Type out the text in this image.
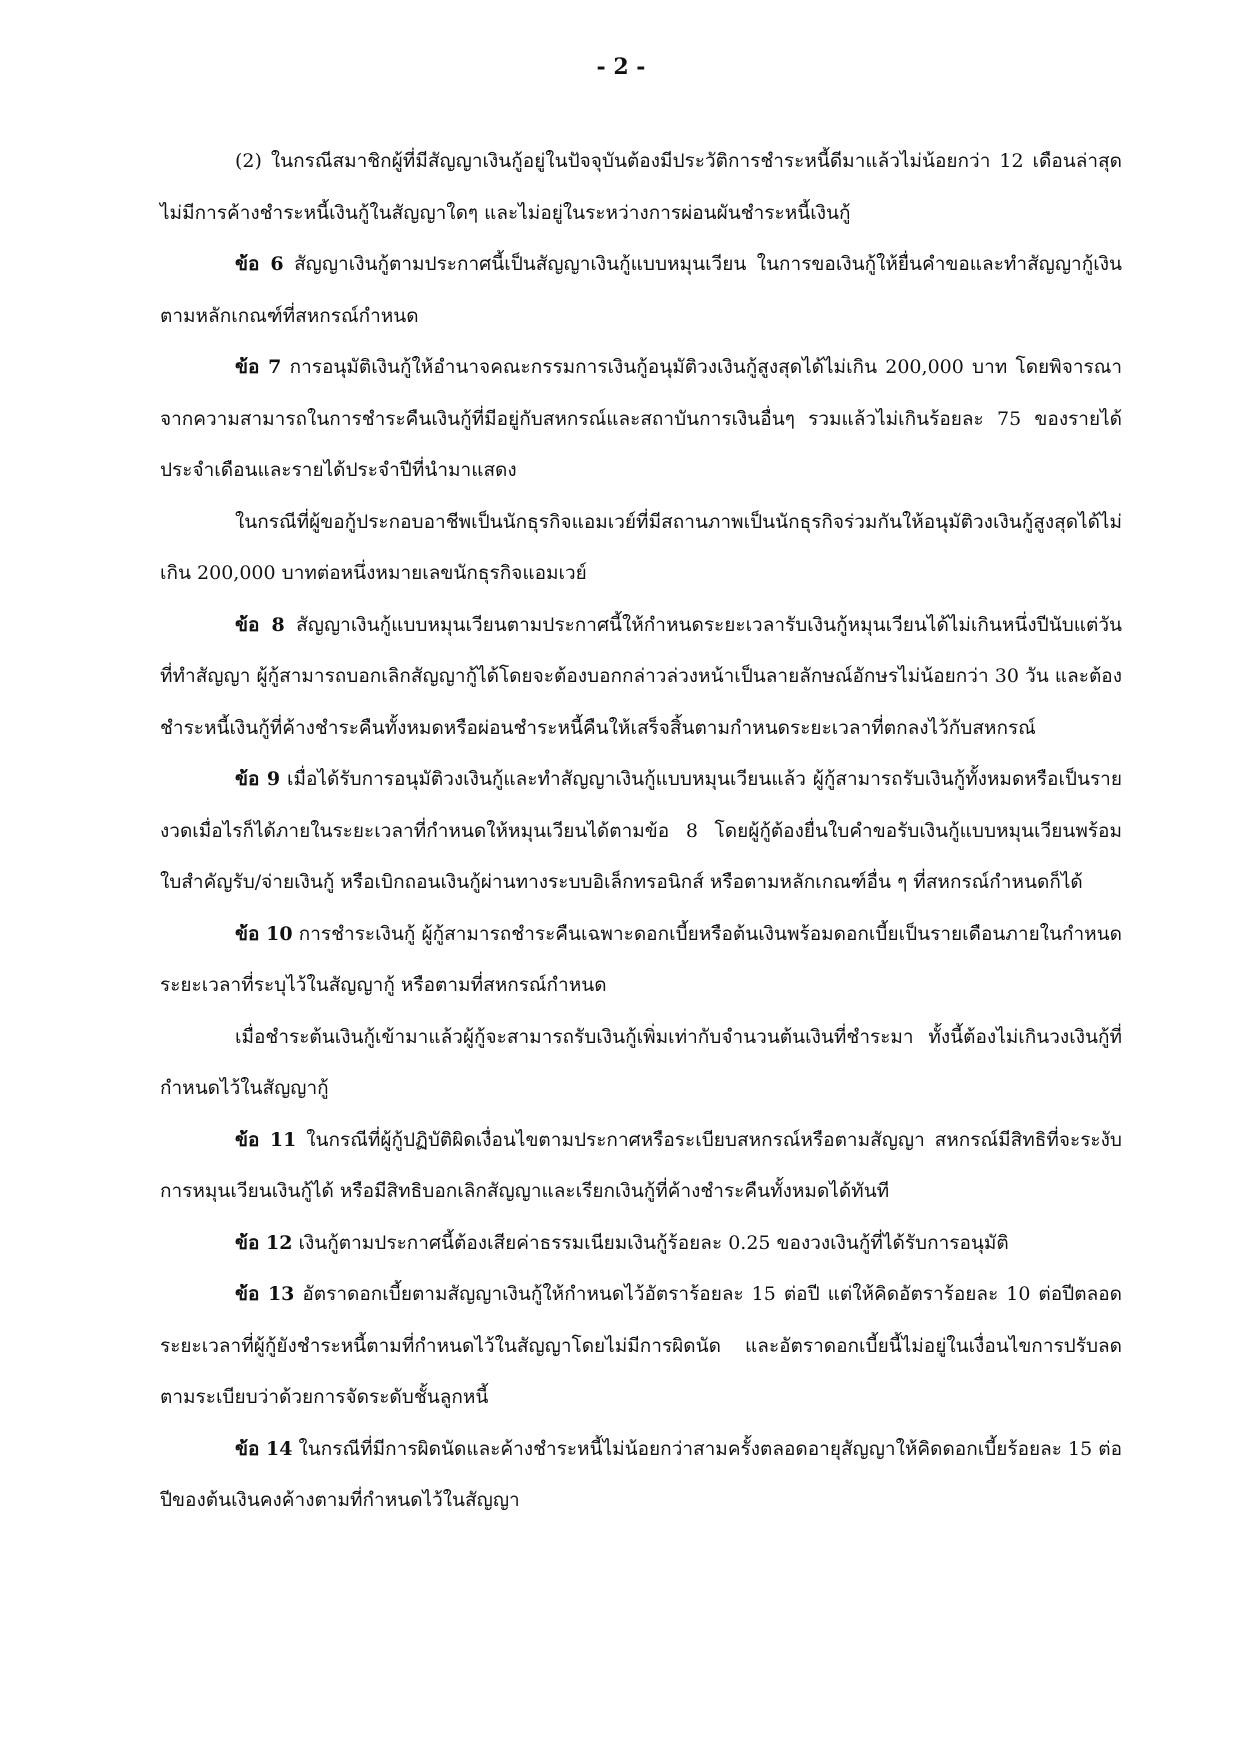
- 2 -

(2) ในกรณีสมาชิกผู้ที่มีสัญญาเงินกู้อยู่ในปัจจุบันต้องมีประวัติการชำระหนี้ดีมาแล้วไม่น้อยกว่า 12 เดือนล่าสุด ไม่มีการค้างชำระหนี้เงินกู้ในสัญญาใดๆ และไม่อยู่ในระหว่างการผ่อนผันชำระหนี้เงินกู้

ข้อ 6 สัญญาเงินกู้ตามประกาศนี้เป็นสัญญาเงินกู้แบบหมุนเวียน ในการขอเงินกู้ให้ยื่นคำขอและทำสัญญากู้เงินตามหลักเกณฑ์ที่สหกรณ์กำหนด

ข้อ 7 การอนุมัติเงินกู้ให้อำนาจคณะกรรมการเงินกู้อนุมัติวงเงินกู้สูงสุดได้ไม่เกิน 200,000 บาท โดยพิจารณาจากความสามารถในการชำระคืนเงินกู้ที่มีอยู่กับสหกรณ์และสถาบันการเงินอื่นๆ รวมแล้วไม่เกินร้อยละ 75 ของรายได้ประจำเดือนและรายได้ประจำปีที่นำมาแสดง

ในกรณีที่ผู้ขอกู้ประกอบอาชีพเป็นนักธุรกิจแอมเวย์ที่มีสถานภาพเป็นนักธุรกิจร่วมกันให้อนุมัติวงเงินกู้สูงสุดได้ไม่เกิน 200,000 บาทต่อหนึ่งหมายเลขนักธุรกิจแอมเวย์

ข้อ 8 สัญญาเงินกู้แบบหมุนเวียนตามประกาศนี้ให้กำหนดระยะเวลารับเงินกู้หมุนเวียนได้ไม่เกินหนึ่งปีนับแต่วันที่ทำสัญญา ผู้กู้สามารถบอกเลิกสัญญากู้ได้โดยจะต้องบอกกล่าวล่วงหน้าเป็นลายลักษณ์อักษรไม่น้อยกว่า 30 วัน และต้องชำระหนี้เงินกู้ที่ค้างชำระคืนทั้งหมดหรือผ่อนชำระหนี้คืนให้เสร็จสิ้นตามกำหนดระยะเวลาที่ตกลงไว้กับสหกรณ์

ข้อ 9 เมื่อได้รับการอนุมัติวงเงินกู้และทำสัญญาเงินกู้แบบหมุนเวียนแล้ว ผู้กู้สามารถรับเงินกู้ทั้งหมดหรือเป็นรายงวดเมื่อไรก็ได้ภายในระยะเวลาที่กำหนดให้หมุนเวียนได้ตามข้อ 8 โดยผู้กู้ต้องยื่นใบคำขอรับเงินกู้แบบหมุนเวียนพร้อมใบสำคัญรับ/จ่ายเงินกู้ หรือเบิกถอนเงินกู้ผ่านทางระบบอิเล็กทรอนิกส์ หรือตามหลักเกณฑ์อื่น ๆ ที่สหกรณ์กำหนดก็ได้

ข้อ 10 การชำระเงินกู้ ผู้กู้สามารถชำระคืนเฉพาะดอกเบี้ยหรือต้นเงินพร้อมดอกเบี้ยเป็นรายเดือนภายในกำหนดระยะเวลาที่ระบุไว้ในสัญญากู้ หรือตามที่สหกรณ์กำหนด

เมื่อชำระต้นเงินกู้เข้ามาแล้วผู้กู้จะสามารถรับเงินกู้เพิ่มเท่ากับจำนวนต้นเงินที่ชำระมา ทั้งนี้ต้องไม่เกินวงเงินกู้ที่กำหนดไว้ในสัญญากู้

ข้อ 11 ในกรณีที่ผู้กู้ปฏิบัติผิดเงื่อนไขตามประกาศหรือระเบียบสหกรณ์หรือตามสัญญา สหกรณ์มีสิทธิที่จะระงับการหมุนเวียนเงินกู้ได้ หรือมีสิทธิบอกเลิกสัญญาและเรียกเงินกู้ที่ค้างชำระคืนทั้งหมดได้ทันที

ข้อ 12 เงินกู้ตามประกาศนี้ต้องเสียค่าธรรมเนียมเงินกู้ร้อยละ 0.25 ของวงเงินกู้ที่ได้รับการอนุมัติ

ข้อ 13 อัตราดอกเบี้ยตามสัญญาเงินกู้ให้กำหนดไว้อัตราร้อยละ 15 ต่อปี แต่ให้คิดอัตราร้อยละ 10 ต่อปีตลอดระยะเวลาที่ผู้กู้ยังชำระหนี้ตามที่กำหนดไว้ในสัญญาโดยไม่มีการผิดนัด และอัตราดอกเบี้ยนี้ไม่อยู่ในเงื่อนไขการปรับลดตามระเบียบว่าด้วยการจัดระดับชั้นลูกหนี้

ข้อ 14 ในกรณีที่มีการผิดนัดและค้างชำระหนี้ไม่น้อยกว่าสามครั้งตลอดอายุสัญญาให้คิดดอกเบี้ยร้อยละ 15 ต่อปีของต้นเงินคงค้างตามที่กำหนดไว้ในสัญญา
